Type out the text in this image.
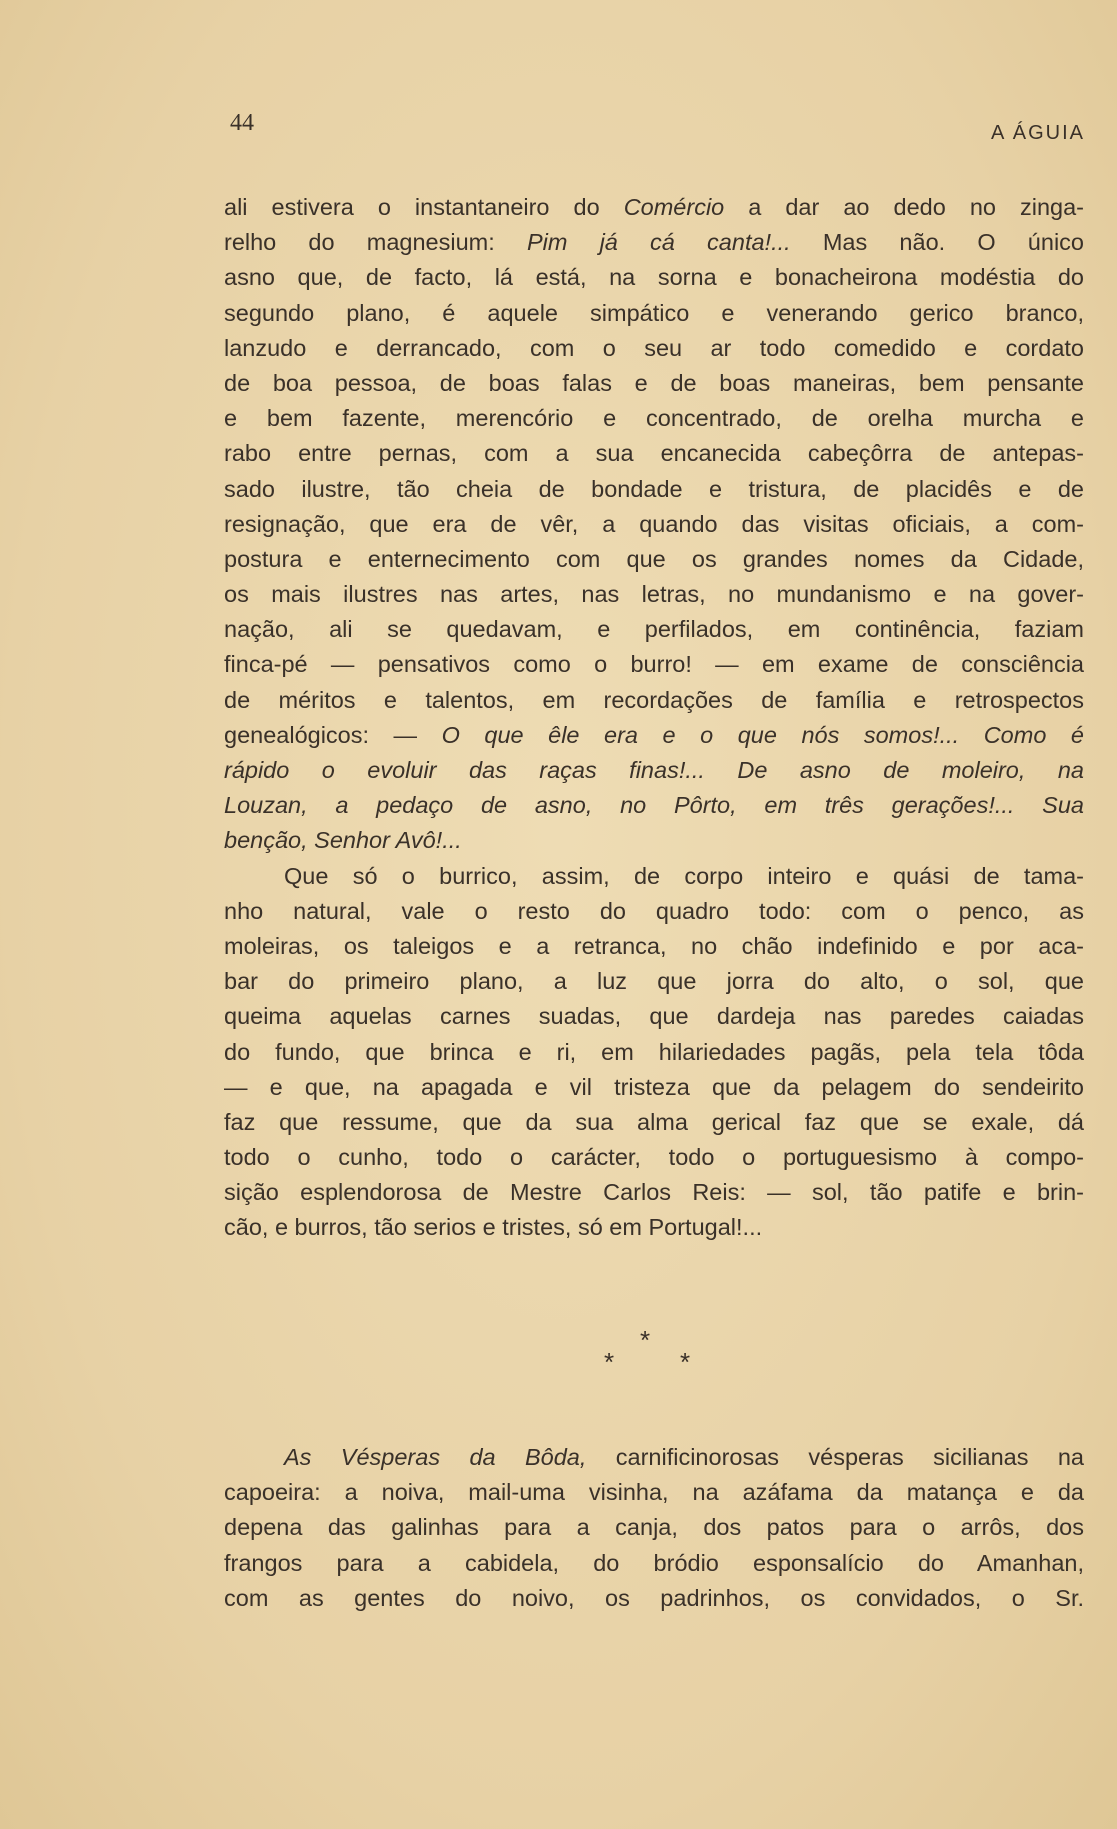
44	A ÁGUIA
ali estivera o instantaneiro do Comércio a dar ao dedo no zinga-
relho do magnesium: Pim já cá canta!... Mas não. O único
asno que, de facto, lá está, na sorna e bonacheirona modéstia do
segundo plano, é aquele simpático e venerando gerico branco,
lanzudo e derrancado, com o seu ar todo comedido e cordato
de boa pessoa, de boas falas e de boas maneiras, bem pensante
e bem fazente, merencório e concentrado, de orelha murcha e
rabo entre pernas, com a sua encanecida cabeçôrra de antepas-
sado ilustre, tão cheia de bondade e tristura, de placidês e de
resignação, que era de vêr, a quando das visitas oficiais, a com-
postura e enternecimento com que os grandes nomes da Cidade,
os mais ilustres nas artes, nas letras, no mundanismo e na gover-
nação, ali se quedavam, e perfilados, em continência, faziam
finca-pé — pensativos como o burro! — em exame de consciência
de méritos e talentos, em recordações de família e retrospectos
genealógicos: — O que êle era e o que nós somos!... Como é
rápido o evoluir das raças finas!... De asno de moleiro, na
Louzan, a pedaço de asno, no Pôrto, em três gerações!... Sua
benção, Senhor Avô!...
Que só o burrico, assim, de corpo inteiro e quási de tama-
nho natural, vale o resto do quadro todo: com o penco, as
moleiras, os taleigos e a retranca, no chão indefinido e por aca-
bar do primeiro plano, a luz que jorra do alto, o sol, que
queima aquelas carnes suadas, que dardeja nas paredes caiadas
do fundo, que brinca e ri, em hilariedades pagãs, pela tela tôda
— e que, na apagada e vil tristeza que da pelagem do sendeirito
faz que ressume, que da sua alma gerical faz que se exale, dá
todo o cunho, todo o carácter, todo o portuguesismo à compo-
sição esplendorosa de Mestre Carlos Reis: — sol, tão patife e brin-
cão, e burros, tão serios e tristes, só em Portugal!...
*
*	*
As Vésperas da Bôda, carnificinorosas vésperas sicilianas na
capoeira: a noiva, mail-uma visinha, na azáfama da matança e da
depena das galinhas para a canja, dos patos para o arrôs, dos
frangos para a cabidela, do bródio esponsalício do Amanhan,
com as gentes do noivo, os padrinhos, os convidados, o Sr.
